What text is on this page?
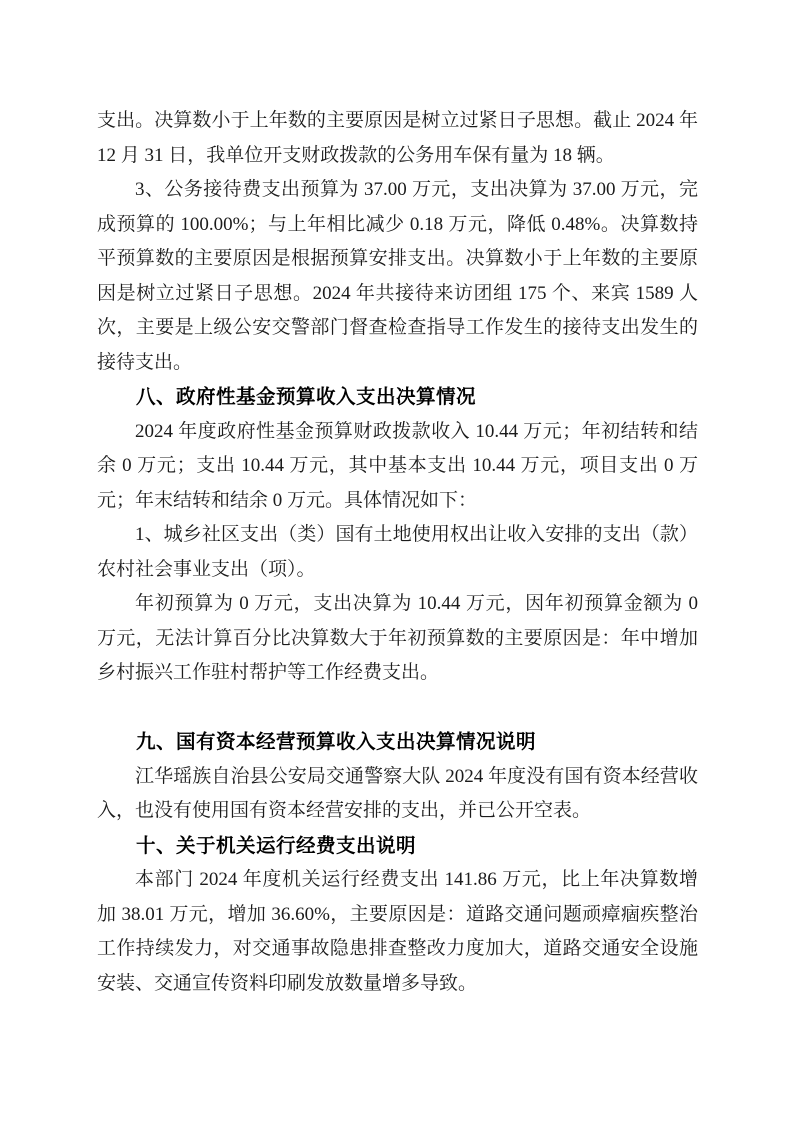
支出。决算数小于上年数的主要原因是树立过紧日子思想。截止 2024 年 12 月 31 日，我单位开支财政拨款的公务用车保有量为 18 辆。

3、公务接待费支出预算为 37.00 万元，支出决算为 37.00 万元，完成预算的 100.00%；与上年相比减少 0.18 万元，降低 0.48%。决算数持平预算数的主要原因是根据预算安排支出。决算数小于上年数的主要原因是树立过紧日子思想。2024 年共接待来访团组 175 个、来宾 1589 人次，主要是上级公安交警部门督查检查指导工作发生的接待支出发生的接待支出。

八、政府性基金预算收入支出决算情况

2024 年度政府性基金预算财政拨款收入 10.44 万元；年初结转和结余 0 万元；支出 10.44 万元，其中基本支出 10.44 万元，项目支出 0 万元；年末结转和结余 0 万元。具体情况如下：

1、城乡社区支出（类）国有土地使用权出让收入安排的支出（款）农村社会事业支出（项）。

年初预算为 0 万元，支出决算为 10.44 万元，因年初预算金额为 0 万元，无法计算百分比决算数大于年初预算数的主要原因是：年中增加乡村振兴工作驻村帮护等工作经费支出。

九、国有资本经营预算收入支出决算情况说明

江华瑶族自治县公安局交通警察大队 2024 年度没有国有资本经营收入，也没有使用国有资本经营安排的支出，并已公开空表。

十、关于机关运行经费支出说明

本部门 2024 年度机关运行经费支出 141.86 万元，比上年决算数增加 38.01 万元，增加 36.60%，主要原因是：道路交通问题顽瘴痼疾整治工作持续发力，对交通事故隐患排查整改力度加大，道路交通安全设施安装、交通宣传资料印刷发放数量增多导致。
